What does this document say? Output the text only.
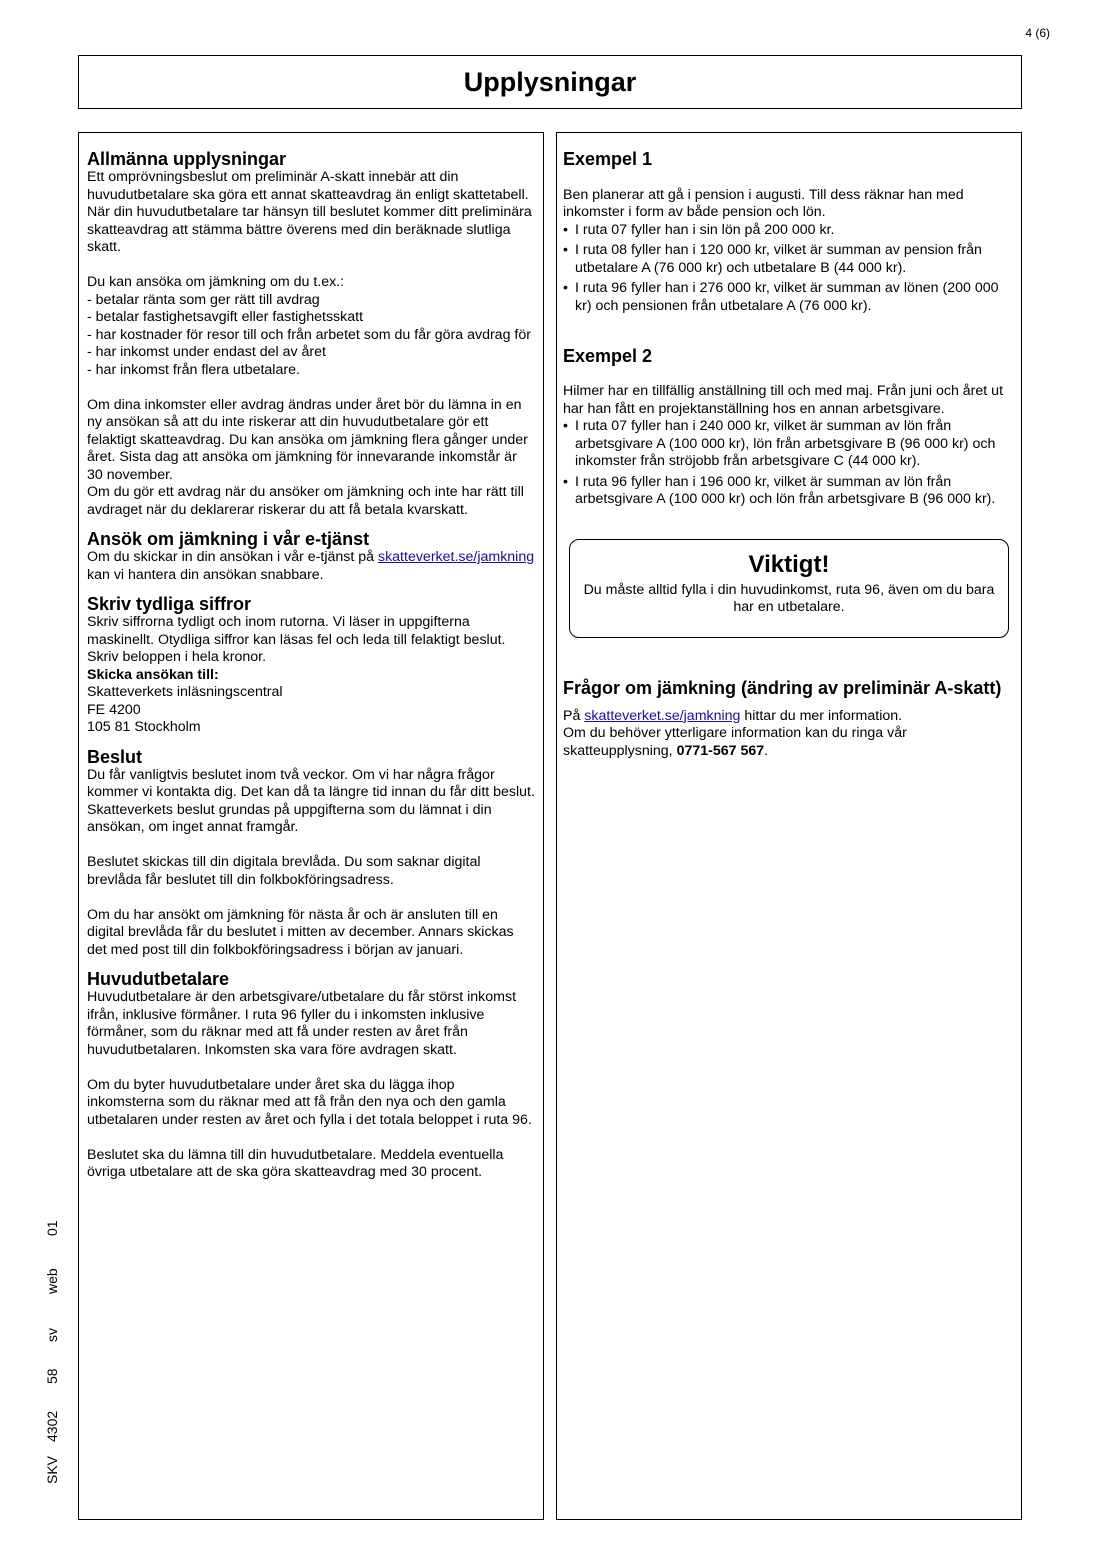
4 (6)
Upplysningar
Allmänna upplysningar

Ett omprövningsbeslut om preliminär A-skatt innebär att din huvudutbetalare ska göra ett annat skatteavdrag än enligt skattetabell. När din huvudutbetalare tar hänsyn till beslutet kommer ditt preliminära skatteavdrag att stämma bättre överens med din beräknade slutliga skatt.

Du kan ansöka om jämkning om du t.ex.:

- betalar ränta som ger rätt till avdrag
- betalar fastighetsavgift eller fastighetsskatt
- har kostnader för resor till och från arbetet som du får göra avdrag för
- har inkomst under endast del av året
- har inkomst från flera utbetalare.

Om dina inkomster eller avdrag ändras under året bör du lämna in en ny ansökan så att du inte riskerar att din huvudutbetalare gör ett felaktigt skatteavdrag. Du kan ansöka om jämkning flera gånger under året. Sista dag att ansöka om jämkning för innevarande inkomstår är 30 november.

Om du gör ett avdrag när du ansöker om jämkning och inte har rätt till avdraget när du deklarerar riskerar du att få betala kvarskatt.

Ansök om jämkning i vår e-tjänst

Om du skickar in din ansökan i vår e-tjänst på skatteverket.se/jamkning kan vi hantera din ansökan snabbare.

Skriv tydliga siffror

Skriv siffrorna tydligt och inom rutorna. Vi läser in uppgifterna maskinellt. Otydliga siffror kan läsas fel och leda till felaktigt beslut. Skriv beloppen i hela kronor.

Skicka ansökan till:

Skatteverkets inläsningscentral

FE 4200

105 81 Stockholm

Beslut

Du får vanligtvis beslutet inom två veckor. Om vi har några frågor kommer vi kontakta dig. Det kan då ta längre tid innan du får ditt beslut. Skatteverkets beslut grundas på uppgifterna som du lämnat i din ansökan, om inget annat framgår.

Beslutet skickas till din digitala brevlåda. Du som saknar digital brevlåda får beslutet till din folkbokföringsadress.

Om du har ansökt om jämkning för nästa år och är ansluten till en digital brevlåda får du beslutet i mitten av december. Annars skickas det med post till din folkbokföringsadress i början av januari.

Huvudutbetalare

Huvudutbetalare är den arbetsgivare/utbetalare du får störst inkomst ifrån, inklusive förmåner. I ruta 96 fyller du i inkomsten inklusive förmåner, som du räknar med att få under resten av året från huvudutbetalaren. Inkomsten ska vara före avdragen skatt.

Om du byter huvudutbetalare under året ska du lägga ihop inkomsterna som du räknar med att få från den nya och den gamla utbetalaren under resten av året och fylla i det totala beloppet i ruta 96.

Beslutet ska du lämna till din huvudutbetalare. Meddela eventuella övriga utbetalare att de ska göra skatteavdrag med 30 procent.

Exempel 1

Ben planerar att gå i pension i augusti. Till dess räknar han med inkomster i form av både pension och lön.

• I ruta 07 fyller han i sin lön på 200 000 kr.
• I ruta 08 fyller han i 120 000 kr, vilket är summan av pension från utbetalare A (76 000 kr) och utbetalare B (44 000 kr).
• I ruta 96 fyller han i 276 000 kr, vilket är summan av lönen (200 000 kr) och pensionen från utbetalare A (76 000 kr).
Exempel 2

Hilmer har en tillfällig anställning till och med maj. Från juni och året ut har han fått en projektanställning hos en annan arbetsgivare.

• I ruta 07 fyller han i 240 000 kr, vilket är summan av lön från arbetsgivare A (100 000 kr), lön från arbetsgivare B (96 000 kr) och inkomster från ströjobb från arbetsgivare C (44 000 kr).
• I ruta 96 fyller han i 196 000 kr, vilket är summan av lön från arbetsgivare A (100 000 kr) och lön från arbetsgivare B (96 000 kr).
Viktigt!

Du måste alltid fylla i din huvudinkomst, ruta 96, även om du bara har en utbetalare.

Frågor om jämkning (ändring av preliminär A-skatt)

På skatteverket.se/jamkning hittar du mer information.

Om du behöver ytterligare information kan du ringa vår skatteupplysning, 0771-567 567.

SKV
4302
58
sv
web
01
